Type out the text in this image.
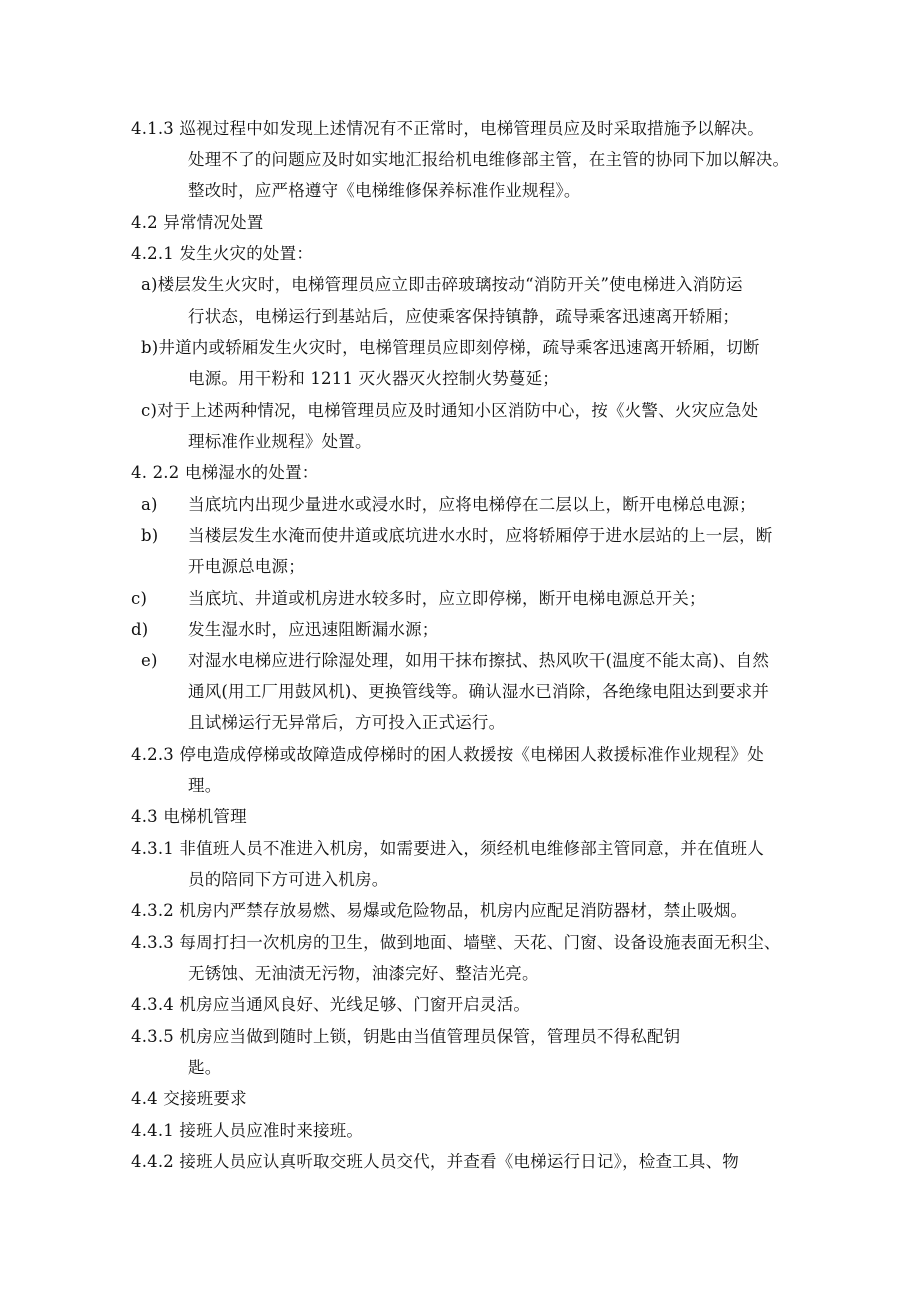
4.1.3 巡视过程中如发现上述情况有不正常时，电梯管理员应及时采取措施予以解决。
处理不了的问题应及时如实地汇报给机电维修部主管，在主管的协同下加以解决。
整改时，应严格遵守《电梯维修保养标准作业规程》。
4.2 异常情况处置
4.2.1 发生火灾的处置：
a)楼层发生火灾时，电梯管理员应立即击碎玻璃按动“消防开关”使电梯进入消防运
行状态，电梯运行到基站后，应使乘客保持镇静，疏导乘客迅速离开轿厢；
b)井道内或轿厢发生火灾时，电梯管理员应即刻停梯，疏导乘客迅速离开轿厢，切断
电源。用干粉和 1211 灭火器灭火控制火势蔓延；
c)对于上述两种情况，电梯管理员应及时通知小区消防中心，按《火警、火灾应急处
理标准作业规程》处置。
4. 2.2 电梯湿水的处置：
a) 当底坑内出现少量进水或浸水时，应将电梯停在二层以上，断开电梯总电源；
b) 当楼层发生水淹而使井道或底坑进水水时，应将轿厢停于进水层站的上一层，断
开电源总电源；
c) 当底坑、井道或机房进水较多时，应立即停梯，断开电梯电源总开关；
d) 发生湿水时，应迅速阻断漏水源；
e) 对湿水电梯应进行除湿处理，如用干抹布擦拭、热风吹干(温度不能太高)、自然
通风(用工厂用鼓风机)、更换管线等。确认湿水已消除，各绝缘电阻达到要求并
且试梯运行无异常后，方可投入正式运行。
4.2.3 停电造成停梯或故障造成停梯时的困人救援按《电梯困人救援标准作业规程》处
理。
4.3 电梯机管理
4.3.1 非值班人员不准进入机房，如需要进入，须经机电维修部主管同意，并在值班人
员的陪同下方可进入机房。
4.3.2 机房内严禁存放易燃、易爆或危险物品，机房内应配足消防器材，禁止吸烟。
4.3.3 每周打扫一次机房的卫生，做到地面、墙壁、天花、门窗、设备设施表面无积尘、
无锈蚀、无油渍无污物，油漆完好、整洁光亮。
4.3.4 机房应当通风良好、光线足够、门窗开启灵活。
4.3.5 机房应当做到随时上锁，钥匙由当值管理员保管，管理员不得私配钥
匙。
4.4 交接班要求
4.4.1 接班人员应准时来接班。
4.4.2 接班人员应认真听取交班人员交代，并查看《电梯运行日记》，检查工具、物
